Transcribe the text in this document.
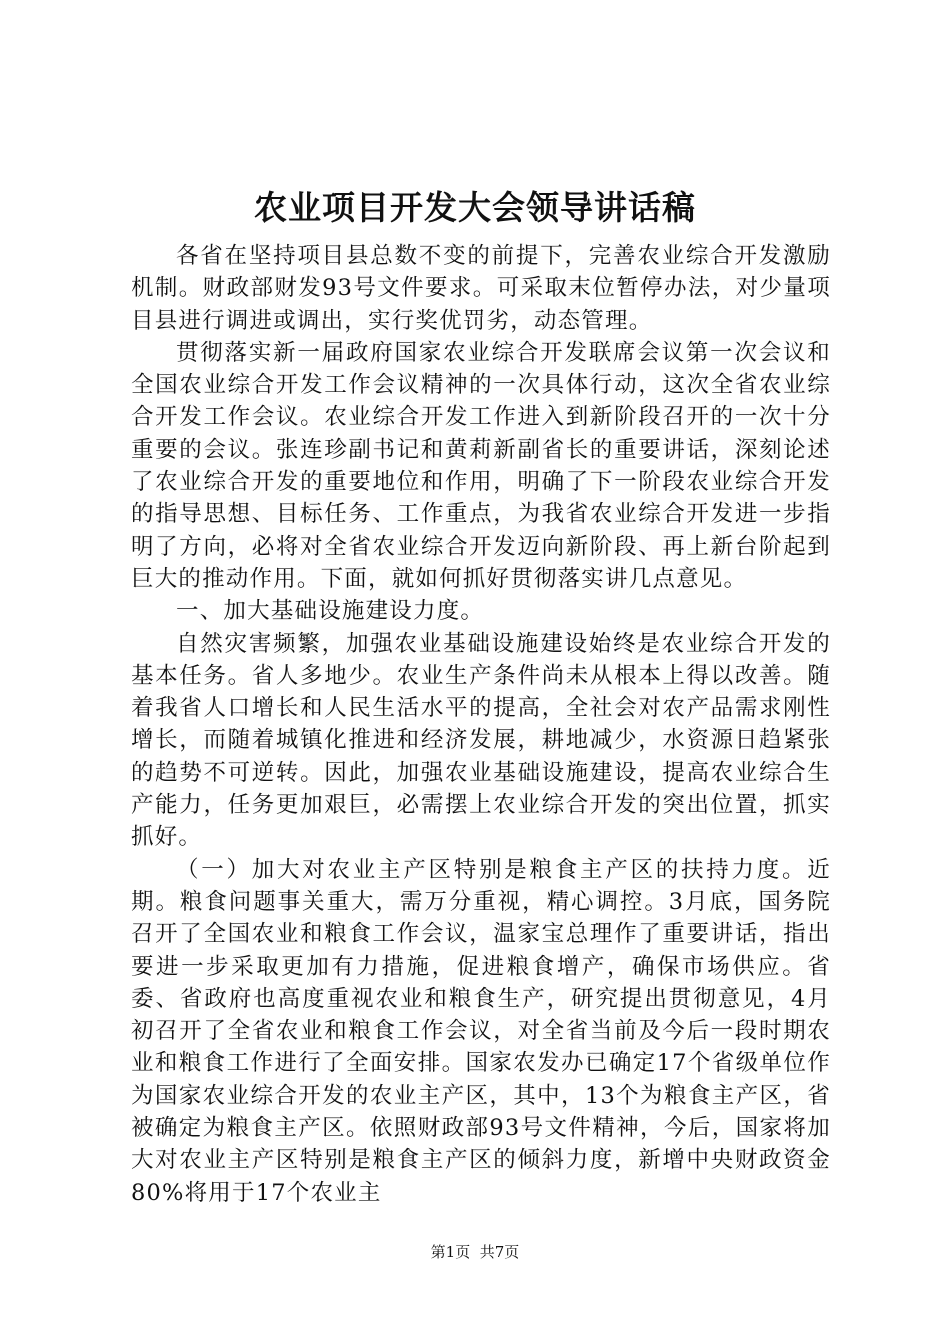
农业项目开发大会领导讲话稿

各省在坚持项目县总数不变的前提下，完善农业综合开发激励机制。财政部财发93号文件要求。可采取末位暂停办法，对少量项目县进行调进或调出，实行奖优罚劣，动态管理。

贯彻落实新一届政府国家农业综合开发联席会议第一次会议和全国农业综合开发工作会议精神的一次具体行动，这次全省农业综合开发工作会议。农业综合开发工作进入到新阶段召开的一次十分重要的会议。张连珍副书记和黄莉新副省长的重要讲话，深刻论述了农业综合开发的重要地位和作用，明确了下一阶段农业综合开发的指导思想、目标任务、工作重点，为我省农业综合开发进一步指明了方向，必将对全省农业综合开发迈向新阶段、再上新台阶起到巨大的推动作用。下面，就如何抓好贯彻落实讲几点意见。

一、加大基础设施建设力度。

自然灾害频繁，加强农业基础设施建设始终是农业综合开发的基本任务。省人多地少。农业生产条件尚未从根本上得以改善。随着我省人口增长和人民生活水平的提高，全社会对农产品需求刚性增长，而随着城镇化推进和经济发展，耕地减少，水资源日趋紧张的趋势不可逆转。因此，加强农业基础设施建设，提高农业综合生产能力，任务更加艰巨，必需摆上农业综合开发的突出位置，抓实抓好。

（一）加大对农业主产区特别是粮食主产区的扶持力度。近期。粮食问题事关重大，需万分重视，精心调控。3月底，国务院召开了全国农业和粮食工作会议，温家宝总理作了重要讲话，指出要进一步采取更加有力措施，促进粮食增产，确保市场供应。省委、省政府也高度重视农业和粮食生产，研究提出贯彻意见，4月初召开了全省农业和粮食工作会议，对全省当前及今后一段时期农业和粮食工作进行了全面安排。国家农发办已确定17个省级单位作为国家农业综合开发的农业主产区，其中，13个为粮食主产区，省被确定为粮食主产区。依照财政部93号文件精神，今后，国家将加大对农业主产区特别是粮食主产区的倾斜力度，新增中央财政资金80%将用于17个农业主

第1页 共7页
